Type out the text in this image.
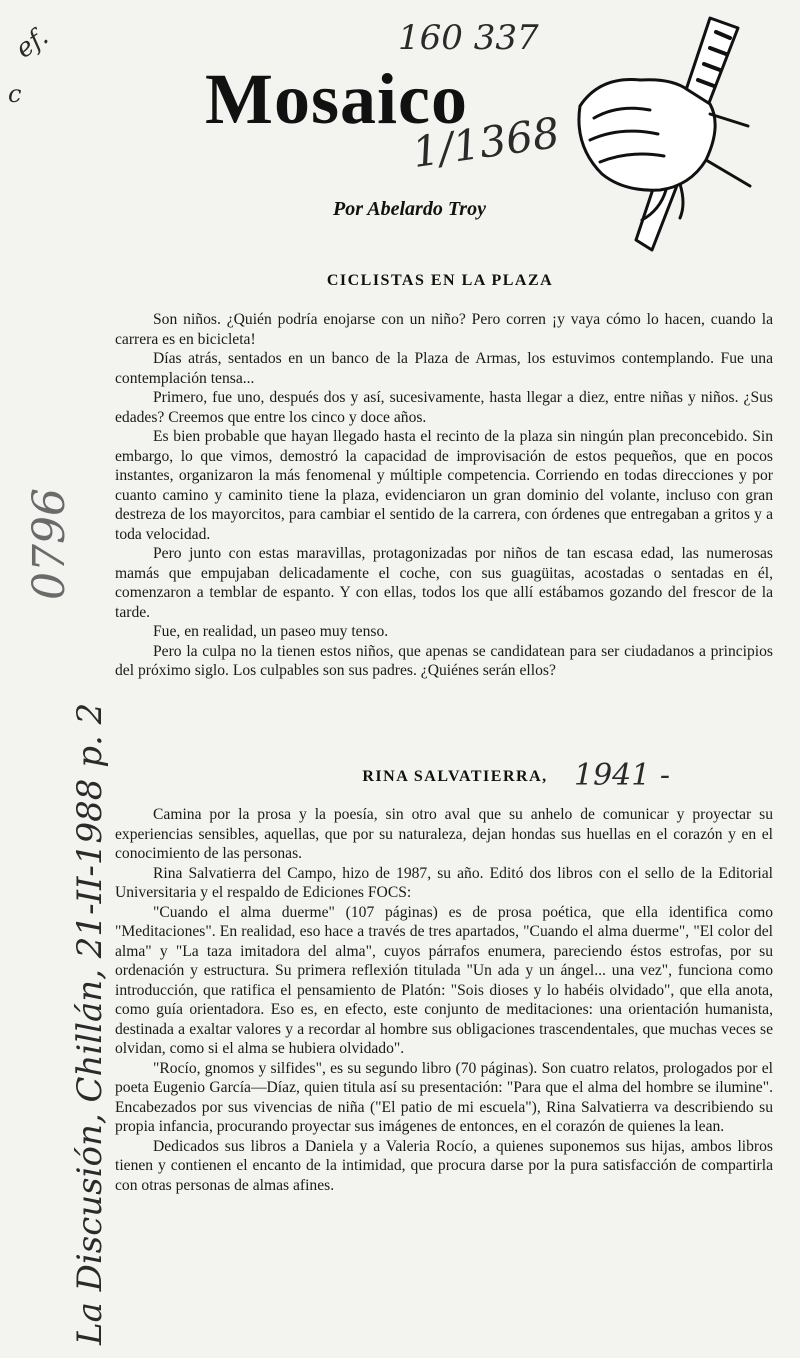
160 337
ef.
c
1/1368
0796
La Discusión, Chillán, 21-II-1988 p. 2
Mosaico
Por Abelardo Troy
CICLISTAS EN LA PLAZA

Son niños. ¿Quién podría enojarse con un niño? Pero corren ¡y vaya cómo lo hacen, cuando la carrera es en bicicleta!

Días atrás, sentados en un banco de la Plaza de Armas, los estuvimos contemplando. Fue una contemplación tensa...

Primero, fue uno, después dos y así, sucesivamente, hasta llegar a diez, entre niñas y niños. ¿Sus edades? Creemos que entre los cinco y doce años.

Es bien probable que hayan llegado hasta el recinto de la plaza sin ningún plan preconcebido. Sin embargo, lo que vimos, demostró la capacidad de improvisación de estos pequeños, que en pocos instantes, organizaron la más fenomenal y múltiple competencia. Corriendo en todas direcciones y por cuanto camino y caminito tiene la plaza, evidenciaron un gran dominio del volante, incluso con gran destreza de los mayorcitos, para cambiar el sentido de la carrera, con órdenes que entregaban a gritos y a toda velocidad.

Pero junto con estas maravillas, protagonizadas por niños de tan escasa edad, las numerosas mamás que empujaban delicadamente el coche, con sus guagüitas, acostadas o sentadas en él, comenzaron a temblar de espanto. Y con ellas, todos los que allí estábamos gozando del frescor de la tarde.

Fue, en realidad, un paseo muy tenso.

Pero la culpa no la tienen estos niños, que apenas se candidatean para ser ciudadanos a principios del próximo siglo. Los culpables son sus padres. ¿Quiénes serán ellos?

RINA SALVATIERRA, 1941 -

Camina por la prosa y la poesía, sin otro aval que su anhelo de comunicar y proyectar su experiencias sensibles, aquellas, que por su naturaleza, dejan hondas sus huellas en el corazón y en el conocimiento de las personas.

Rina Salvatierra del Campo, hizo de 1987, su año. Editó dos libros con el sello de la Editorial Universitaria y el respaldo de Ediciones FOCS:

"Cuando el alma duerme" (107 páginas) es de prosa poética, que ella identifica como "Meditaciones". En realidad, eso hace a través de tres apartados, "Cuando el alma duerme", "El color del alma" y "La taza imitadora del alma", cuyos párrafos enumera, pareciendo éstos estrofas, por su ordenación y estructura. Su primera reflexión titulada "Un ada y un ángel... una vez", funciona como introducción, que ratifica el pensamiento de Platón: "Sois dioses y lo habéis olvidado", que ella anota, como guía orientadora. Eso es, en efecto, este conjunto de meditaciones: una orientación humanista, destinada a exaltar valores y a recordar al hombre sus obligaciones trascendentales, que muchas veces se olvidan, como si el alma se hubiera olvidado".

"Rocío, gnomos y silfides", es su segundo libro (70 páginas). Son cuatro relatos, prologados por el poeta Eugenio García—Díaz, quien titula así su presentación: "Para que el alma del hombre se ilumine". Encabezados por sus vivencias de niña ("El patio de mi escuela"), Rina Salvatierra va describiendo su propia infancia, procurando proyectar sus imágenes de entonces, en el corazón de quienes la lean.

Dedicados sus libros a Daniela y a Valeria Rocío, a quienes suponemos sus hijas, ambos libros tienen y contienen el encanto de la intimidad, que procura darse por la pura satisfacción de compartirla con otras personas de almas afines.
